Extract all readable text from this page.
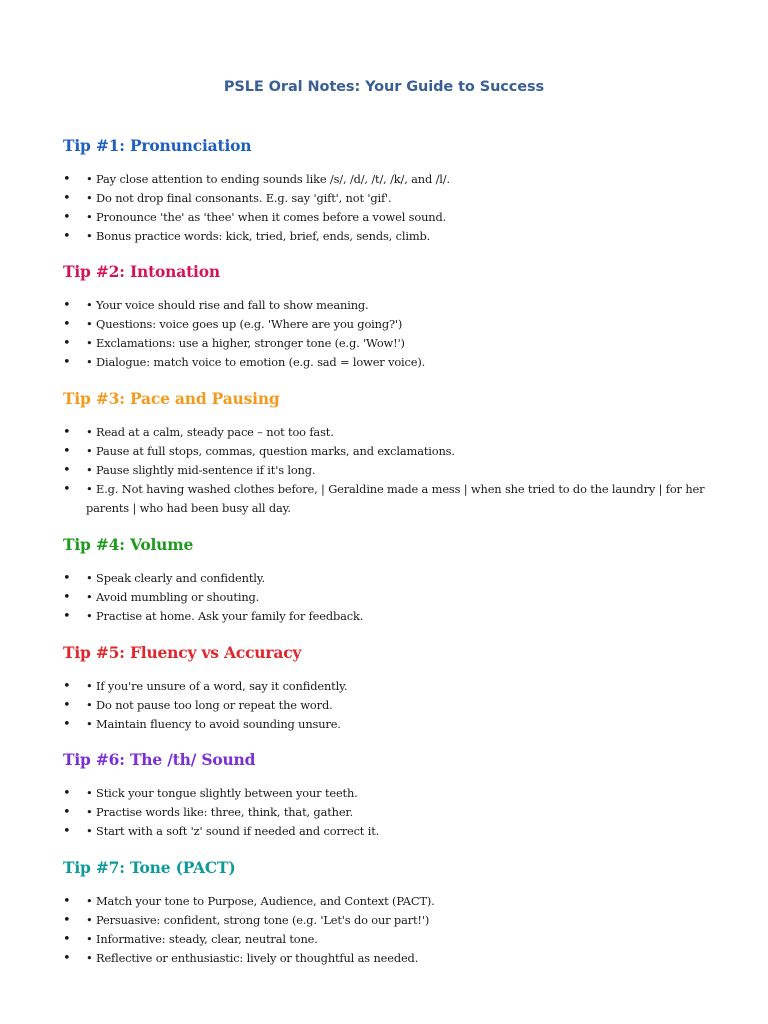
PSLE Oral Notes: Your Guide to Success
Tip #1: Pronunciation
• • Pay close attention to ending sounds like /s/, /d/, /t/, /k/, and /l/.
• • Do not drop final consonants. E.g. say 'gift', not 'gif'.
• • Pronounce 'the' as 'thee' when it comes before a vowel sound.
• • Bonus practice words: kick, tried, brief, ends, sends, climb.
Tip #2: Intonation
• • Your voice should rise and fall to show meaning.
• • Questions: voice goes up (e.g. 'Where are you going?')
• • Exclamations: use a higher, stronger tone (e.g. 'Wow!')
• • Dialogue: match voice to emotion (e.g. sad = lower voice).
Tip #3: Pace and Pausing
• • Read at a calm, steady pace – not too fast.
• • Pause at full stops, commas, question marks, and exclamations.
• • Pause slightly mid-sentence if it's long.
• • E.g. Not having washed clothes before, | Geraldine made a mess | when she tried to do the laundry | for her parents | who had been busy all day.
Tip #4: Volume
• • Speak clearly and confidently.
• • Avoid mumbling or shouting.
• • Practise at home. Ask your family for feedback.
Tip #5: Fluency vs Accuracy
• • If you're unsure of a word, say it confidently.
• • Do not pause too long or repeat the word.
• • Maintain fluency to avoid sounding unsure.
Tip #6: The /th/ Sound
• • Stick your tongue slightly between your teeth.
• • Practise words like: three, think, that, gather.
• • Start with a soft 'z' sound if needed and correct it.
Tip #7: Tone (PACT)
• • Match your tone to Purpose, Audience, and Context (PACT).
• • Persuasive: confident, strong tone (e.g. 'Let's do our part!')
• • Informative: steady, clear, neutral tone.
• • Reflective or enthusiastic: lively or thoughtful as needed.
